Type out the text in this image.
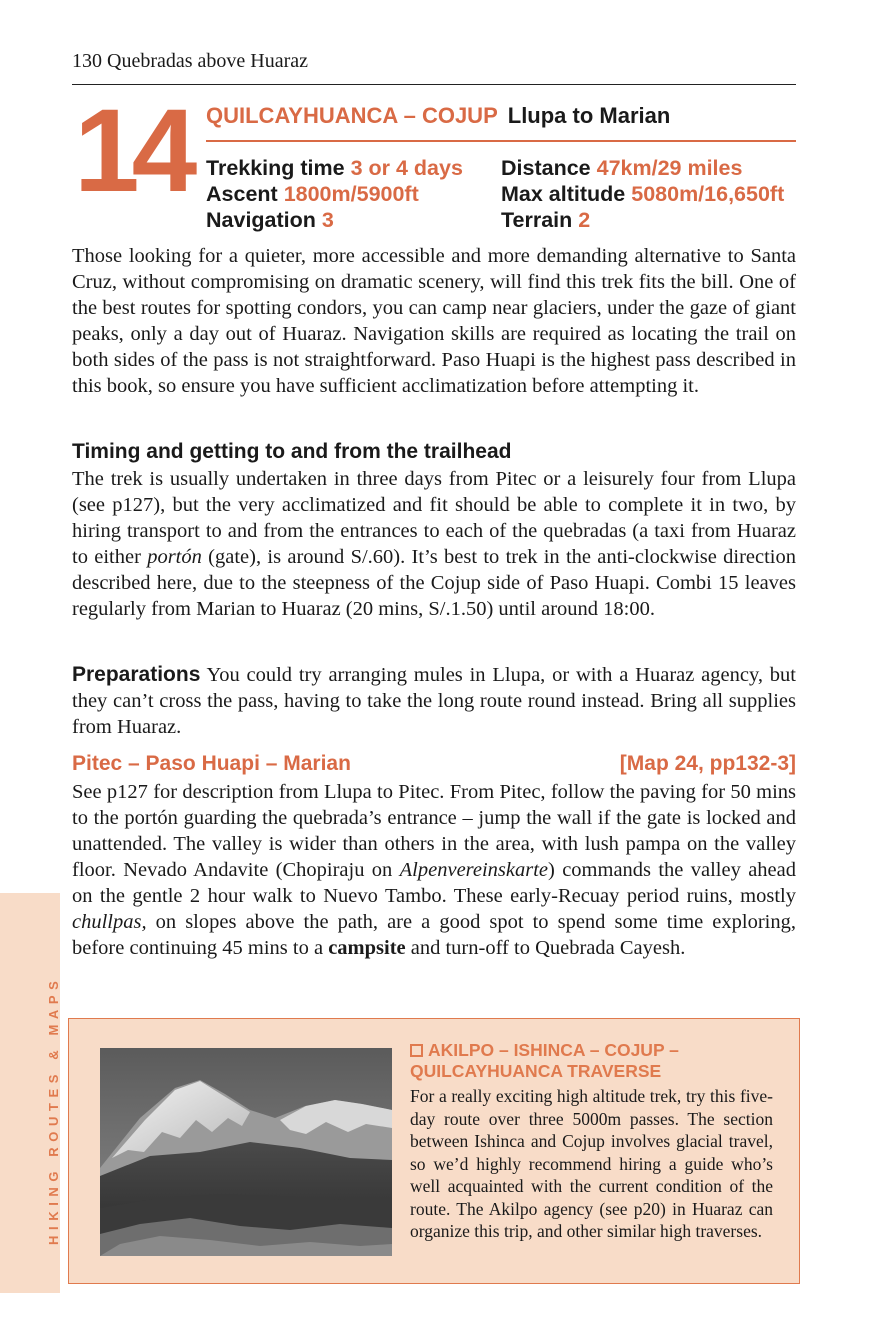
130 Quebradas above Huaraz
14 QUILCAYHUANCA – COJUP Llupa to Marian
Trekking time 3 or 4 days
Ascent 1800m/5900ft
Navigation 3
Distance 47km/29 miles
Max altitude 5080m/16,650ft
Terrain 2

Those looking for a quieter, more accessible and more demanding alternative to Santa Cruz, without compromising on dramatic scenery, will find this trek fits the bill. One of the best routes for spotting condors, you can camp near glaciers, under the gaze of giant peaks, only a day out of Huaraz. Navigation skills are required as locating the trail on both sides of the pass is not straightforward. Paso Huapi is the highest pass described in this book, so ensure you have sufficient acclimatization before attempting it.

Timing and getting to and from the trailhead

The trek is usually undertaken in three days from Pitec or a leisurely four from Llupa (see p127), but the very acclimatized and fit should be able to complete it in two, by hiring transport to and from the entrances to each of the quebradas (a taxi from Huaraz to either portón (gate), is around S/.60). It’s best to trek in the anti-clockwise direction described here, due to the steepness of the Cojup side of Paso Huapi. Combi 15 leaves regularly from Marian to Huaraz (20 mins, S/.1.50) until around 18:00.

Preparations You could try arranging mules in Llupa, or with a Huaraz agency, but they can’t cross the pass, having to take the long route round instead. Bring all supplies from Huaraz.

Pitec – Paso Huapi – Marian	[Map 24, pp132-3]

See p127 for description from Llupa to Pitec. From Pitec, follow the paving for 50 mins to the portón guarding the quebrada’s entrance – jump the wall if the gate is locked and unattended. The valley is wider than others in the area, with lush pampa on the valley floor. Nevado Andavite (Chopiraju on Alpenvereinskarte) commands the valley ahead on the gentle 2 hour walk to Nuevo Tambo. These early-Recuay period ruins, mostly chullpas, on slopes above the path, are a good spot to spend some time exploring, before continuing 45 mins to a campsite and turn-off to Quebrada Cayesh.

HIKING ROUTES & MAPS	AKILPO – ISHINCA – COJUP – QUILCAYHUANCA TRAVERSE
For a really exciting high altitude trek, try this five-day route over three 5000m passes. The section between Ishinca and Cojup involves glacial travel, so we’d highly recommend hiring a guide who’s well acquainted with the current condition of the route. The Akilpo agency (see p20) in Huaraz can organize this trip, and other similar high traverses.
